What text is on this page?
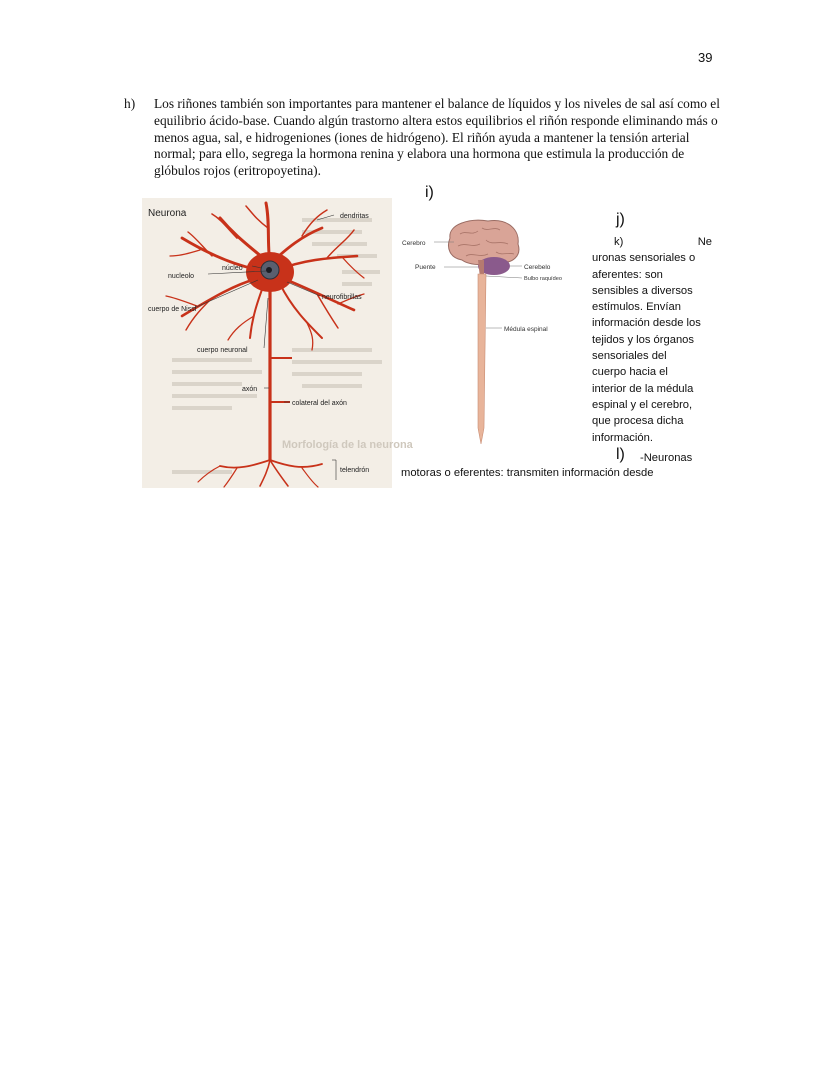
39
h) Los riñones también son importantes para mantener el balance de líquidos y los niveles de sal así como el equilibrio ácido-base. Cuando algún trastorno altera estos equilibrios el riñón responde eliminando más o menos agua, sal, e hidrogeniones (iones de hidrógeno). El riñón ayuda a mantener la tensión arterial normal; para ello, segrega la hormona renina y elabora una hormona que estimula la producción de glóbulos rojos (eritropoyetina).
i)
j)
Morfología de la neurona
Neurona	dendritas
núcleo
nucleolo
neurofibrillas
cuerpo de Nissl
cuerpo neuronal
axón
colateral del axón
telendrón
Cerebro
Puente	Cerebelo
Bulbo raquídeo
Médula espinal
k)	Ne
uronas sensoriales o
aferentes: son
sensibles a diversos
estímulos. Envían
información desde los
tejidos y los órganos
sensoriales del
cuerpo hacia el
interior de la médula
espinal y el cerebro,
que procesa dicha
información.
l) -Neuronas
motoras o eferentes: transmiten información desde
